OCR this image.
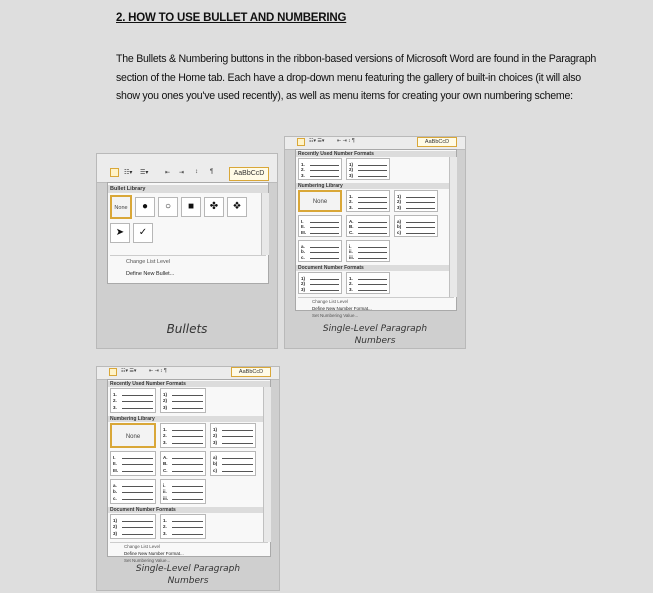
2. HOW TO USE BULLET AND NUMBERING
The Bullets & Numbering buttons in the ribbon-based versions of Microsoft Word are found in the Paragraph section of the Home tab. Each have a drop-down menu featuring the gallery of built-in choices (it will also show you ones you've used recently), as well as menu items for creating your own numbering scheme:
☷▾ ☰▾	⇤ ⇥ ↕ ¶	AaBbCcD
Bullet Library
None	●	○	■	✤	❖
➤	✓
Change List Level
Define New Bullet...
Bullets
☷▾ ☰▾	⇤ ⇥ ↕ ¶	AaBbCcD
Recently Used Number Formats
1.
2.
3.
1)
2)
3)
Numbering Library
None
1.
2.
3.
1)
2)
3)
I.
II.
III.
A.
B.
C.
a)
b)
c)
a.
b.
c.
i.
ii.
iii.
Document Number Formats
1)
2)
3)
1.
2.
3.
Change List Level
Define New Number Format...
Set Numbering Value...
Single-Level Paragraph Numbers
☷▾ ☰▾	⇤ ⇥ ↕ ¶	AaBbCcD
Recently Used Number Formats
1.
2.
3.
1)
2)
3)
Numbering Library
None
1.
2.
3.
1)
2)
3)
I.
II.
III.
A.
B.
C.
a)
b)
c)
a.
b.
c.
i.
ii.
iii.
Document Number Formats
1)
2)
3)
1.
2.
3.
Change List Level
Define New Number Format...
Set Numbering Value...
Single-Level Paragraph Numbers
